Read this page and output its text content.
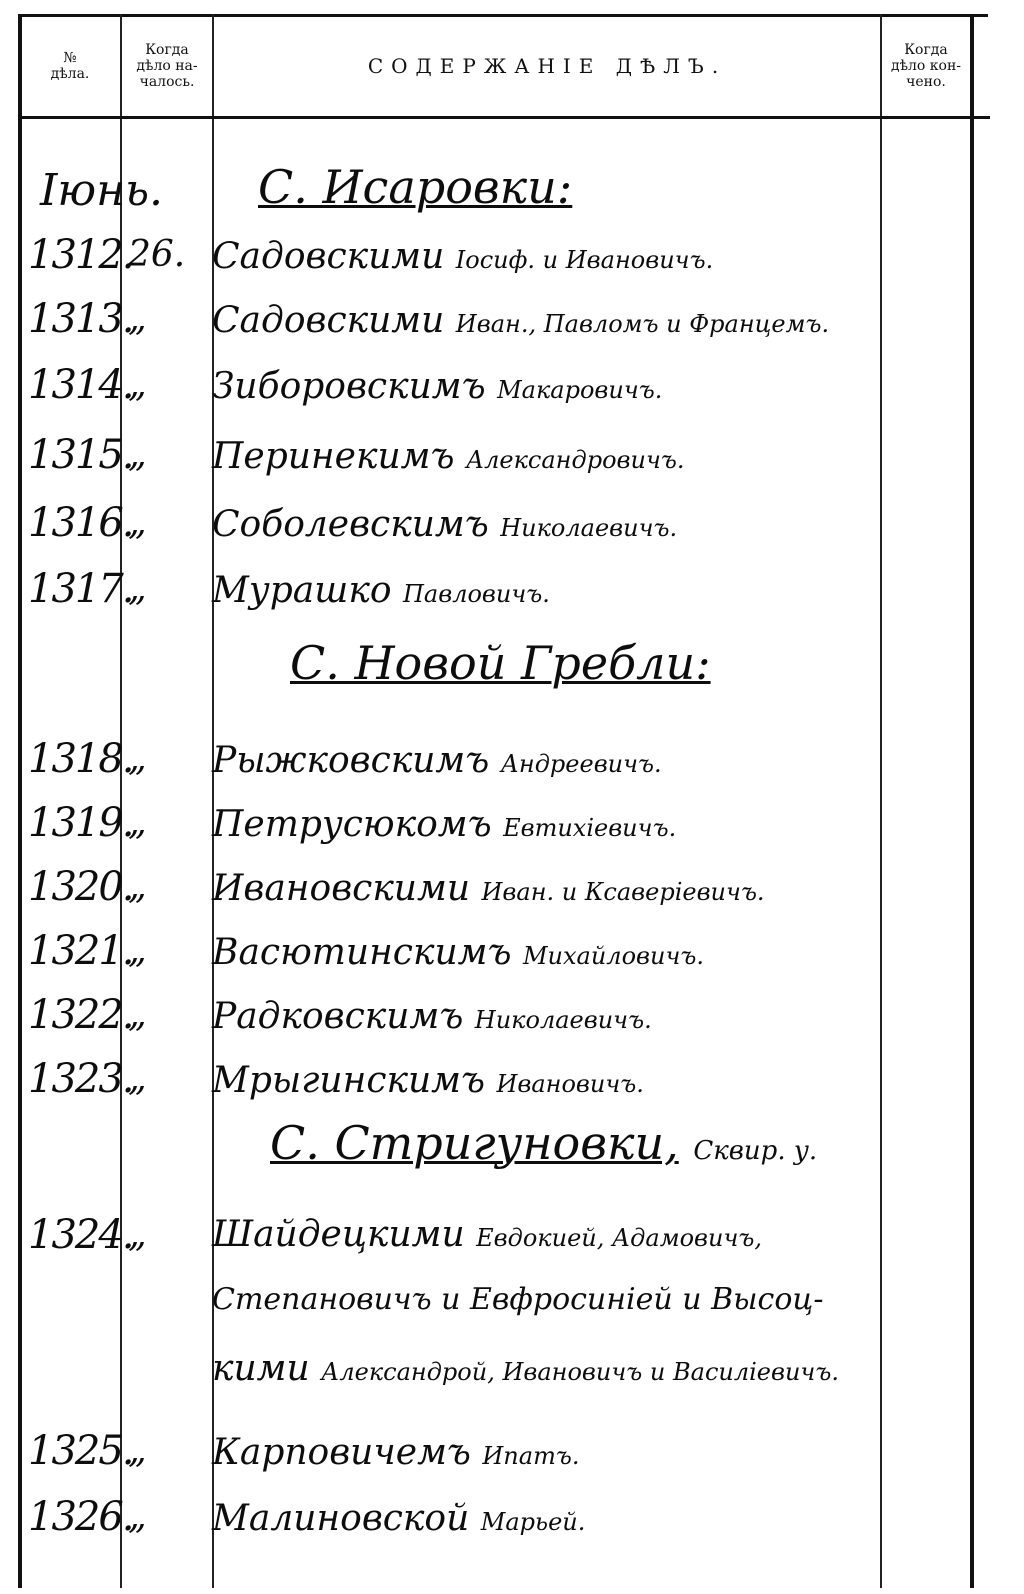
№
дѣла.
Когда
дѣло на-
чалось.
СОДЕРЖАНІЕ ДѢЛЪ.
Когда
дѣло кон-
чено.
Іюнь. С. Исаровки:
1312.
26. Садовскими Іосиф. и Ивановичъ.
1313.
„ Садовскими Иван., Павломъ и Францемъ.
1314.
„ Зиборовскимъ Макаровичъ.
1315.
„ Перинекимъ Александровичъ.
1316.
„ Соболевскимъ Николаевичъ.
1317.
„ Мурашко Павловичъ.
С. Новой Гребли:
1318.
„ Рыжковскимъ Андреевичъ.
1319.
„ Петрусюкомъ Евтихіевичъ.
1320.
„ Ивановскими Иван. и Ксаверіевичъ.
1321.
„ Васютинскимъ Михайловичъ.
1322.
„ Радковскимъ Николаевичъ.
1323.
„ Мрыгинскимъ Ивановичъ.
С. Стригуновки, Сквир. у.
1324.
„ Шайдецкими Евдокией, Адамовичъ,
Степановичъ и Евфросиніей и Высоц-
кими Александрой, Ивановичъ и Василіевичъ.
1325.
„ Карповичемъ Ипатъ.
1326.
„ Малиновской Марьей.
